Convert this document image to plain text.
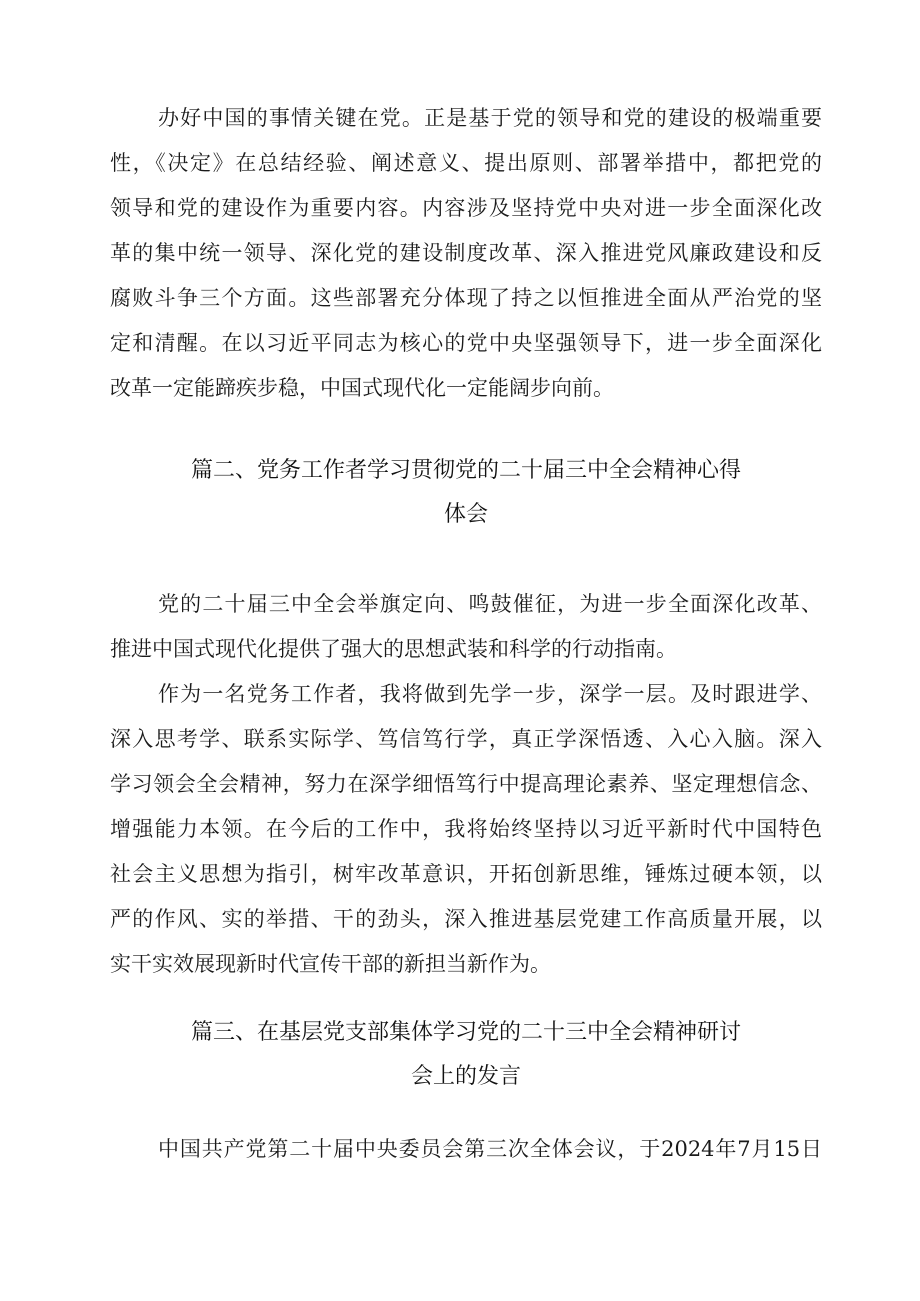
办好中国的事情关键在党。正是基于党的领导和党的建设的极端重要
性，《决定》在总结经验、阐述意义、提出原则、部署举措中，都把党的
领导和党的建设作为重要内容。内容涉及坚持党中央对进一步全面深化改
革的集中统一领导、深化党的建设制度改革、深入推进党风廉政建设和反
腐败斗争三个方面。这些部署充分体现了持之以恒推进全面从严治党的坚
定和清醒。在以习近平同志为核心的党中央坚强领导下，进一步全面深化
改革一定能蹄疾步稳，中国式现代化一定能阔步向前。
篇二、党务工作者学习贯彻党的二十届三中全会精神心得
体会
党的二十届三中全会举旗定向、鸣鼓催征，为进一步全面深化改革、
推进中国式现代化提供了强大的思想武装和科学的行动指南。
作为一名党务工作者，我将做到先学一步，深学一层。及时跟进学、
深入思考学、联系实际学、笃信笃行学，真正学深悟透、入心入脑。深入
学习领会全会精神，努力在深学细悟笃行中提高理论素养、坚定理想信念、
增强能力本领。在今后的工作中，我将始终坚持以习近平新时代中国特色
社会主义思想为指引，树牢改革意识，开拓创新思维，锤炼过硬本领，以
严的作风、实的举措、干的劲头，深入推进基层党建工作高质量开展，以
实干实效展现新时代宣传干部的新担当新作为。
篇三、在基层党支部集体学习党的二十三中全会精神研讨
会上的发言
中国共产党第二十届中央委员会第三次全体会议，于2024年7月15日
